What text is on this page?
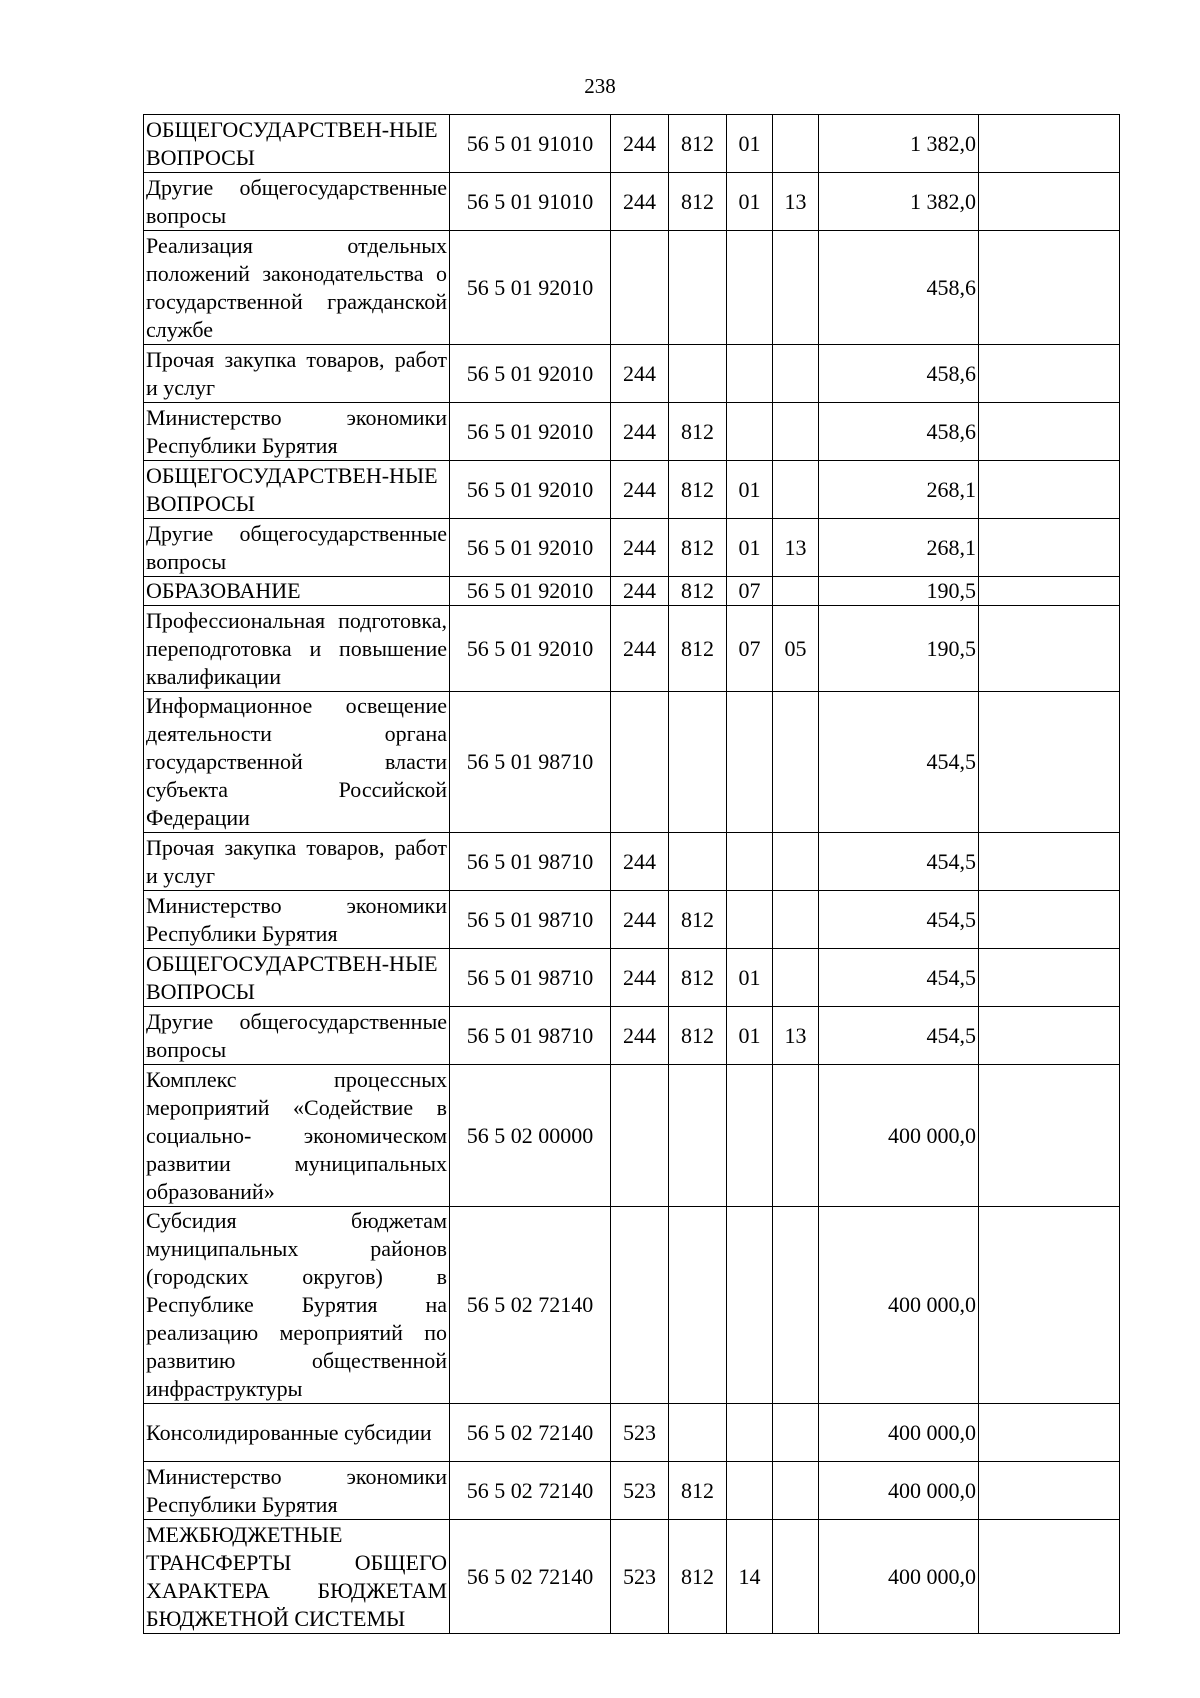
238
ОБЩЕГОСУДАРСТВЕН-НЫЕ ВОПРОСЫ	56 5 01 91010	244	812	01		1 382,0	
Другие общегосударственные вопросы	56 5 01 91010	244	812	01	13	1 382,0	
Реализация отдельных положений законодательства о государственной гражданской службе	56 5 01 92010					458,6	
Прочая закупка товаров, работ и услуг	56 5 01 92010	244				458,6	
Министерство экономики Республики Бурятия	56 5 01 92010	244	812			458,6	
ОБЩЕГОСУДАРСТВЕН-НЫЕ ВОПРОСЫ	56 5 01 92010	244	812	01		268,1	
Другие общегосударственные вопросы	56 5 01 92010	244	812	01	13	268,1	
ОБРАЗОВАНИЕ	56 5 01 92010	244	812	07		190,5	
Профессиональная подготовка, переподготовка и повышение квалификации	56 5 01 92010	244	812	07	05	190,5	
Информационное освещение деятельности органа государственной власти субъекта Российской Федерации	56 5 01 98710					454,5	
Прочая закупка товаров, работ и услуг	56 5 01 98710	244				454,5	
Министерство экономики Республики Бурятия	56 5 01 98710	244	812			454,5	
ОБЩЕГОСУДАРСТВЕН-НЫЕ ВОПРОСЫ	56 5 01 98710	244	812	01		454,5	
Другие общегосударственные вопросы	56 5 01 98710	244	812	01	13	454,5	
Комплекс процессных мероприятий «Содействие в социально- экономическом развитии муниципальных образований»	56 5 02 00000					400 000,0	
Субсидия бюджетам муниципальных районов (городских округов) в Республике Бурятия на реализацию мероприятий по развитию общественной инфраструктуры	56 5 02 72140					400 000,0	
Консолидированные субсидии	56 5 02 72140	523				400 000,0	
Министерство экономики Республики Бурятия	56 5 02 72140	523	812			400 000,0	
МЕЖБЮДЖЕТНЫЕ ТРАНСФЕРТЫ ОБЩЕГО ХАРАКТЕРА БЮДЖЕТАМ БЮДЖЕТНОЙ СИСТЕМЫ	56 5 02 72140	523	812	14		400 000,0	
